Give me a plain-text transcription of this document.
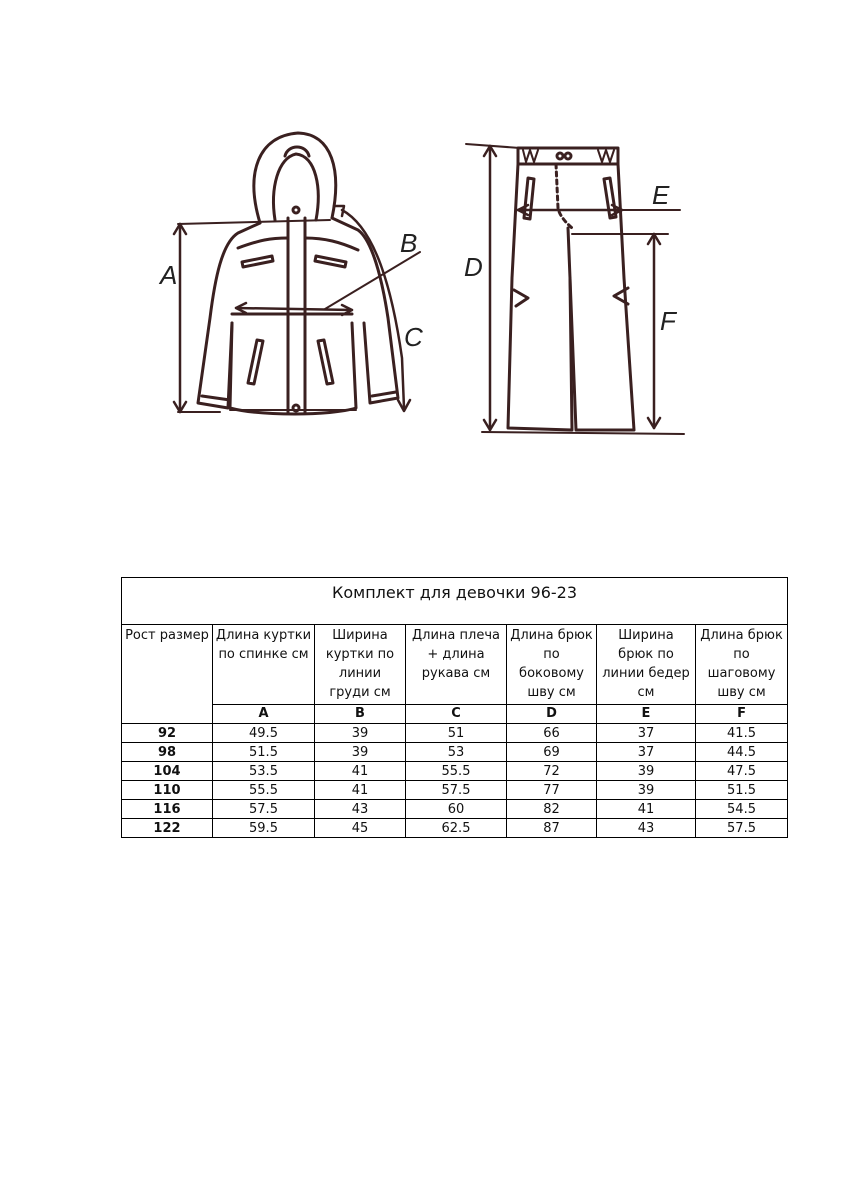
A
B
C
D
E
F
Комплект для девочки 96-23						
Рост размер	Длина куртки по спинке см	Ширина куртки по линии груди см	Длина плеча + длина рукава см	Длина брюк по боковому шву см	Ширина брюк по линии бедер см	Длина брюк по шаговому шву см
	A	B	C	D	E	F
92	49.5	39	51	66	37	41.5
98	51.5	39	53	69	37	44.5
104	53.5	41	55.5	72	39	47.5
110	55.5	41	57.5	77	39	51.5
116	57.5	43	60	82	41	54.5
122	59.5	45	62.5	87	43	57.5
